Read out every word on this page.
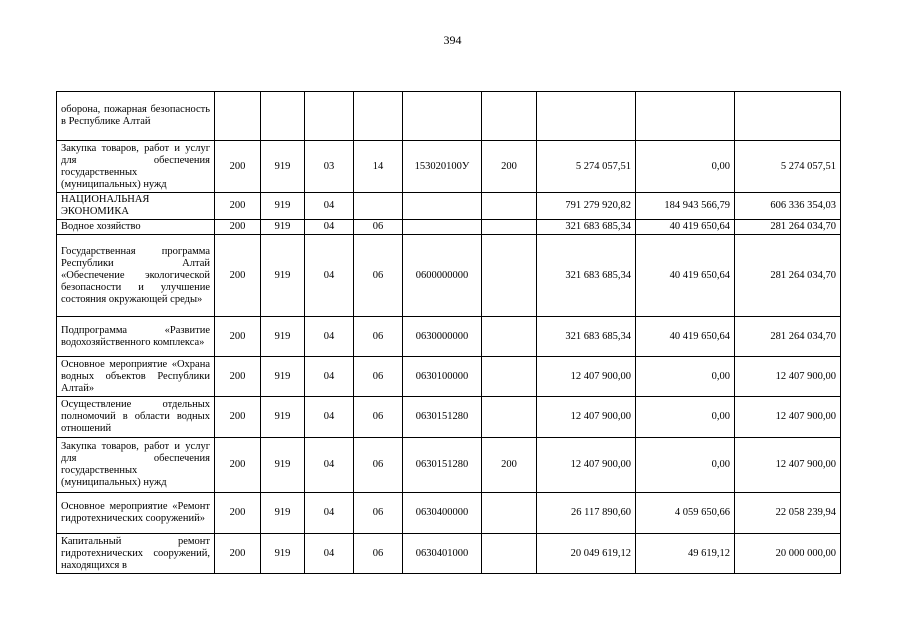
394
оборона, пожарная безопасность в Республике Алтай									
Закупка товаров, работ и услуг для обеспечения государственных (муниципальных) нужд	200	919	03	14	153020100У	200	5 274 057,51	0,00	5 274 057,51
НАЦИОНАЛЬНАЯ ЭКОНОМИКА	200	919	04				791 279 920,82	184 943 566,79	606 336 354,03
Водное хозяйство	200	919	04	06			321 683 685,34	40 419 650,64	281 264 034,70
Государственная программа Республики Алтай «Обеспечение экологической безопасности и улучшение состояния окружающей среды»	200	919	04	06	0600000000		321 683 685,34	40 419 650,64	281 264 034,70
Подпрограмма «Развитие водохозяйственного комплекса»	200	919	04	06	0630000000		321 683 685,34	40 419 650,64	281 264 034,70
Основное мероприятие «Охрана водных объектов Республики Алтай»	200	919	04	06	0630100000		12 407 900,00	0,00	12 407 900,00
Осуществление отдельных полномочий в области водных отношений	200	919	04	06	0630151280		12 407 900,00	0,00	12 407 900,00
Закупка товаров, работ и услуг для обеспечения государственных (муниципальных) нужд	200	919	04	06	0630151280	200	12 407 900,00	0,00	12 407 900,00
Основное мероприятие «Ремонт гидротехнических сооружений»	200	919	04	06	0630400000		26 117 890,60	4 059 650,66	22 058 239,94
Капитальный ремонт гидротехнических сооружений, находящихся в	200	919	04	06	0630401000		20 049 619,12	49 619,12	20 000 000,00
